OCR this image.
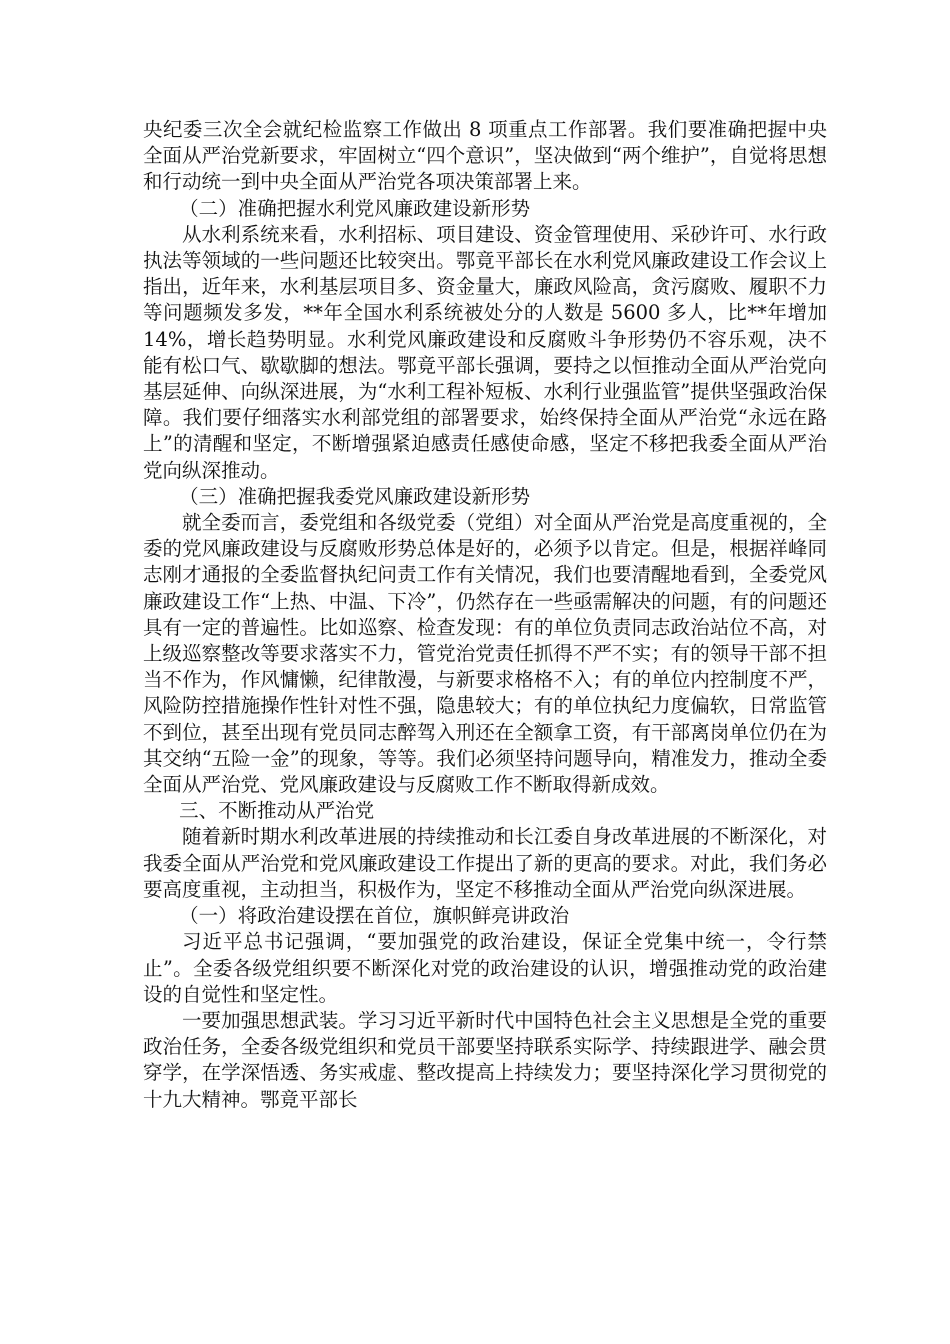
央纪委三次全会就纪检监察工作做出 8 项重点工作部署。我们要准确把握中央全面从严治党新要求，牢固树立“四个意识”，坚决做到“两个维护”，自觉将思想和行动统一到中央全面从严治党各项决策部署上来。

（二）准确把握水利党风廉政建设新形势

从水利系统来看，水利招标、项目建设、资金管理使用、采砂许可、水行政执法等领域的一些问题还比较突出。鄂竟平部长在水利党风廉政建设工作会议上指出，近年来，水利基层项目多、资金量大，廉政风险高，贪污腐败、履职不力等问题频发多发，**年全国水利系统被处分的人数是 5600 多人，比**年增加 14%，增长趋势明显。水利党风廉政建设和反腐败斗争形势仍不容乐观，决不能有松口气、歇歇脚的想法。鄂竟平部长强调，要持之以恒推动全面从严治党向基层延伸、向纵深进展，为“水利工程补短板、水利行业强监管”提供坚强政治保障。我们要仔细落实水利部党组的部署要求，始终保持全面从严治党“永远在路上”的清醒和坚定，不断增强紧迫感责任感使命感，坚定不移把我委全面从严治党向纵深推动。

（三）准确把握我委党风廉政建设新形势

就全委而言，委党组和各级党委（党组）对全面从严治党是高度重视的，全委的党风廉政建设与反腐败形势总体是好的，必须予以肯定。但是，根据祥峰同志刚才通报的全委监督执纪问责工作有关情况，我们也要清醒地看到，全委党风廉政建设工作“上热、中温、下冷”，仍然存在一些亟需解决的问题，有的问题还具有一定的普遍性。比如巡察、检查发现：有的单位负责同志政治站位不高，对上级巡察整改等要求落实不力，管党治党责任抓得不严不实；有的领导干部不担当不作为，作风慵懒，纪律散漫，与新要求格格不入；有的单位内控制度不严，风险防控措施操作性针对性不强，隐患较大；有的单位执纪力度偏软，日常监管不到位，甚至出现有党员同志醉驾入刑还在全额拿工资，有干部离岗单位仍在为其交纳“五险一金”的现象，等等。我们必须坚持问题导向，精准发力，推动全委全面从严治党、党风廉政建设与反腐败工作不断取得新成效。

三、不断推动从严治党

随着新时期水利改革进展的持续推动和长江委自身改革进展的不断深化，对我委全面从严治党和党风廉政建设工作提出了新的更高的要求。对此，我们务必要高度重视，主动担当，积极作为，坚定不移推动全面从严治党向纵深进展。

（一）将政治建设摆在首位，旗帜鲜亮讲政治

习近平总书记强调，“要加强党的政治建设，保证全党集中统一，令行禁止”。全委各级党组织要不断深化对党的政治建设的认识，增强推动党的政治建设的自觉性和坚定性。

一要加强思想武装。学习习近平新时代中国特色社会主义思想是全党的重要政治任务，全委各级党组织和党员干部要坚持联系实际学、持续跟进学、融会贯穿学，在学深悟透、务实戒虚、整改提高上持续发力；要坚持深化学习贯彻党的十九大精神。鄂竟平部长
